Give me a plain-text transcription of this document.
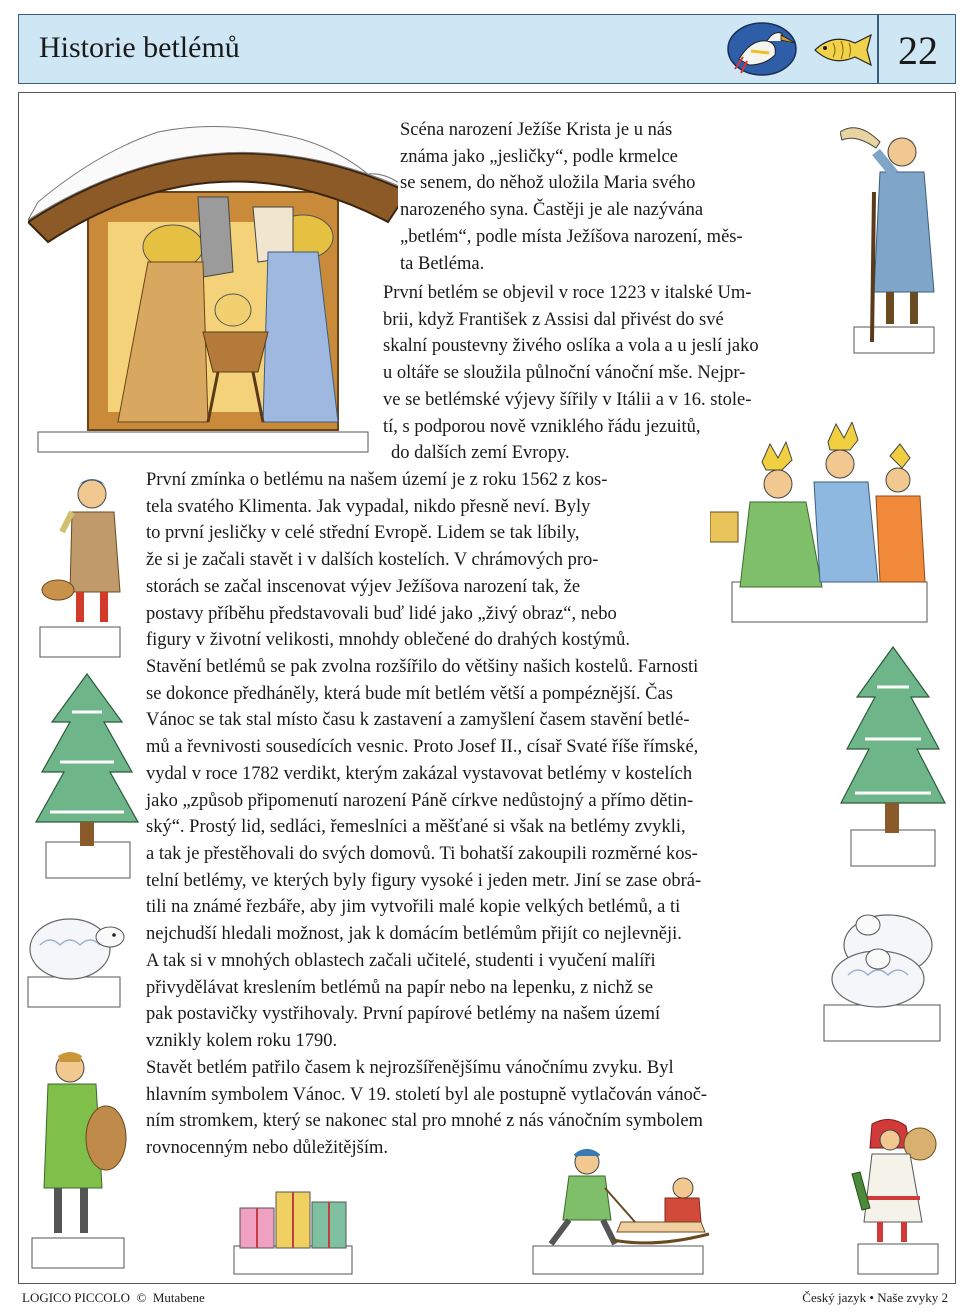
Historie betlémů	22
Scéna narození Ježíše Krista je u nás
známa jako „jesličky“, podle krmelce
se senem, do něhož uložila Maria svého
narozeného syna. Častěji je ale nazývána
„betlém“, podle místa Ježíšova narození, měs-
ta Betléma.
První betlém se objevil v roce 1223 v italské Um-
brii, když František z Assisi dal přivést do své
skalní poustevny živého oslíka a vola a u jeslí jako
u oltáře se sloužila půlnoční vánoční mše. Nejpr-
ve se betlémské výjevy šířily v Itálii a v 16. stole-
tí, s podporou nově vzniklého řádu jezuitů,
do dalších zemí Evropy.
První zmínka o betlému na našem území je z roku 1562 z kos-
tela svatého Klimenta. Jak vypadal, nikdo přesně neví. Byly
to první jesličky v celé střední Evropě. Lidem se tak líbily,
že si je začali stavět i v dalších kostelích. V chrámových pro-
storách se začal inscenovat výjev Ježíšova narození tak, že
postavy příběhu představovali buď lidé jako „živý obraz“, nebo
figury v životní velikosti, mnohdy oblečené do drahých kostýmů.
Stavění betlémů se pak zvolna rozšířilo do většiny našich kostelů. Farnosti
se dokonce předháněly, která bude mít betlém větší a pompéznější. Čas
Vánoc se tak stal místo času k zastavení a zamyšlení časem stavění betlé-
mů a řevnivosti sousedících vesnic. Proto Josef II., císař Svaté říše římské,
vydal v roce 1782 verdikt, kterým zakázal vystavovat betlémy v kostelích
jako „způsob připomenutí narození Páně církve nedůstojný a přímo dětin-
ský“. Prostý lid, sedláci, řemeslníci a měšťané si však na betlémy zvykli,
a tak je přestěhovali do svých domovů. Ti bohatší zakoupili rozměrné kos-
telní betlémy, ve kterých byly figury vysoké i jeden metr. Jiní se zase obrá-
tili na známé řezbáře, aby jim vytvořili malé kopie velkých betlémů, a ti
nejchudší hledali možnost, jak k domácím betlémům přijít co nejlevněji.
A tak si v mnohých oblastech začali učitelé, studenti i vyučení malíři
přivydělávat kreslením betlémů na papír nebo na lepenku, z nichž se
pak postavičky vystřihovaly. První papírové betlémy na našem území
vznikly kolem roku 1790.
Stavět betlém patřilo časem k nejrozšířenějšímu vánočnímu zvyku. Byl
hlavním symbolem Vánoc. V 19. století byl ale postupně vytlačován vánoč-
ním stromkem, který se nakonec stal pro mnohé z nás vánočním symbolem
rovnocenným nebo důležitějším.
LOGICO PICCOLO  ©  Mutabene	Český jazyk • Naše zvyky 2
